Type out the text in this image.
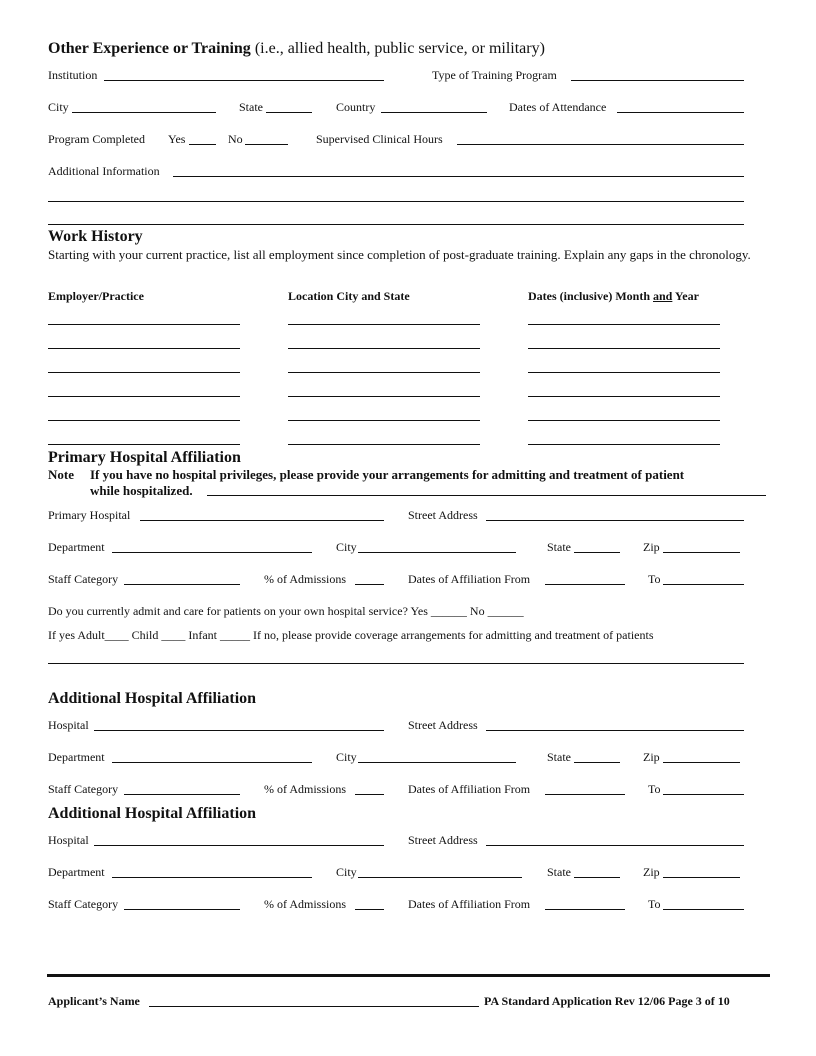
Other Experience or Training (i.e., allied health, public service, or military)
Institution	Type of Training Program
City	State	Country	Dates of Attendance
Program Completed Yes	No	Supervised Clinical Hours
Additional Information
Work History
Starting with your current practice, list all employment since completion of post-graduate training. Explain any gaps in the chronology.
Employer/Practice	Location City and State	Dates (inclusive) Month and Year
Primary Hospital Affiliation
Note If you have no hospital privileges, please provide your arrangements for admitting and treatment of patient
while hospitalized.
Primary Hospital	Street Address
Department	City	State	Zip
Staff Category	% of Admissions	Dates of Affiliation From	To
Do you currently admit and care for patients on your own hospital service? Yes ______ No ______
If yes Adult____ Child ____ Infant _____ If no, please provide coverage arrangements for admitting and treatment of patients
Additional Hospital Affiliation
Hospital	Street Address
Department	City	State	Zip
Staff Category	% of Admissions	Dates of Affiliation From	To
Additional Hospital Affiliation
Hospital	Street Address
Department	City	State	Zip
Staff Category	% of Admissions	Dates of Affiliation From	To
Applicant’s Name	PA Standard Application Rev 12/06 Page 3 of 10
